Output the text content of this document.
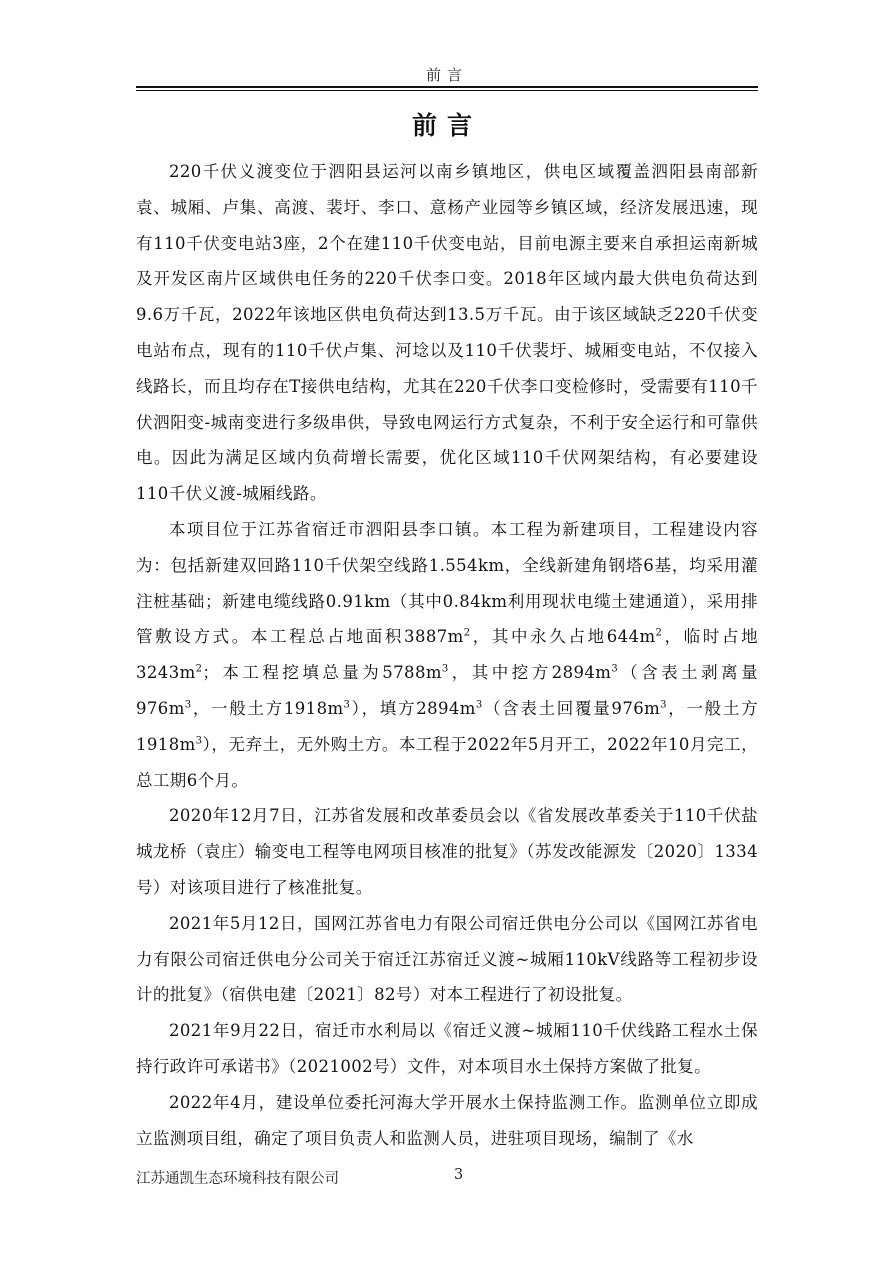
前言
前言

220千伏义渡变位于泗阳县运河以南乡镇地区，供电区域覆盖泗阳县南部新袁、城厢、卢集、高渡、裴圩、李口、意杨产业园等乡镇区域，经济发展迅速，现有110千伏变电站3座，2个在建110千伏变电站，目前电源主要来自承担运南新城及开发区南片区域供电任务的220千伏李口变。2018年区域内最大供电负荷达到9.6万千瓦，2022年该地区供电负荷达到13.5万千瓦。由于该区域缺乏220千伏变电站布点，现有的110千伏卢集、河埝以及110千伏裴圩、城厢变电站，不仅接入线路长，而且均存在T接供电结构，尤其在220千伏李口变检修时，受需要有110千伏泗阳变-城南变进行多级串供，导致电网运行方式复杂，不利于安全运行和可靠供电。因此为满足区域内负荷增长需要，优化区域110千伏网架结构，有必要建设110千伏义渡-城厢线路。

本项目位于江苏省宿迁市泗阳县李口镇。本工程为新建项目，工程建设内容为：包括新建双回路110千伏架空线路1.554km，全线新建角钢塔6基，均采用灌注桩基础；新建电缆线路0.91km（其中0.84km利用现状电缆土建通道），采用排管敷设方式。本工程总占地面积$3887m^2$，其中永久占地$644m^2$，临时占地$3243m^2$；本工程挖填总量为$5788m^3$，其中挖方$2894m^3$（含表土剥离量$976m^3$，一般土方$1918m^3$），填方$2894m^3$（含表土回覆量$976m^3$，一般土方$1918m^3$），无弃土，无外购土方。本工程于2022年5月开工，2022年10月完工，总工期6个月。

2020年12月7日，江苏省发展和改革委员会以《省发展改革委关于110千伏盐城龙桥（袁庄）输变电工程等电网项目核准的批复》（苏发改能源发〔2020〕1334号）对该项目进行了核准批复。

2021年5月12日，国网江苏省电力有限公司宿迁供电分公司以《国网江苏省电力有限公司宿迁供电分公司关于宿迁江苏宿迁义渡~城厢110kV线路等工程初步设计的批复》（宿供电建〔2021〕82号）对本工程进行了初设批复。

2021年9月22日，宿迁市水利局以《宿迁义渡~城厢110千伏线路工程水土保持行政许可承诺书》（2021002号）文件，对本项目水土保持方案做了批复。

2022年4月，建设单位委托河海大学开展水土保持监测工作。监测单位立即成立监测项目组，确定了项目负责人和监测人员，进驻项目现场，编制了《水

江苏通凯生态环境科技有限公司	3
